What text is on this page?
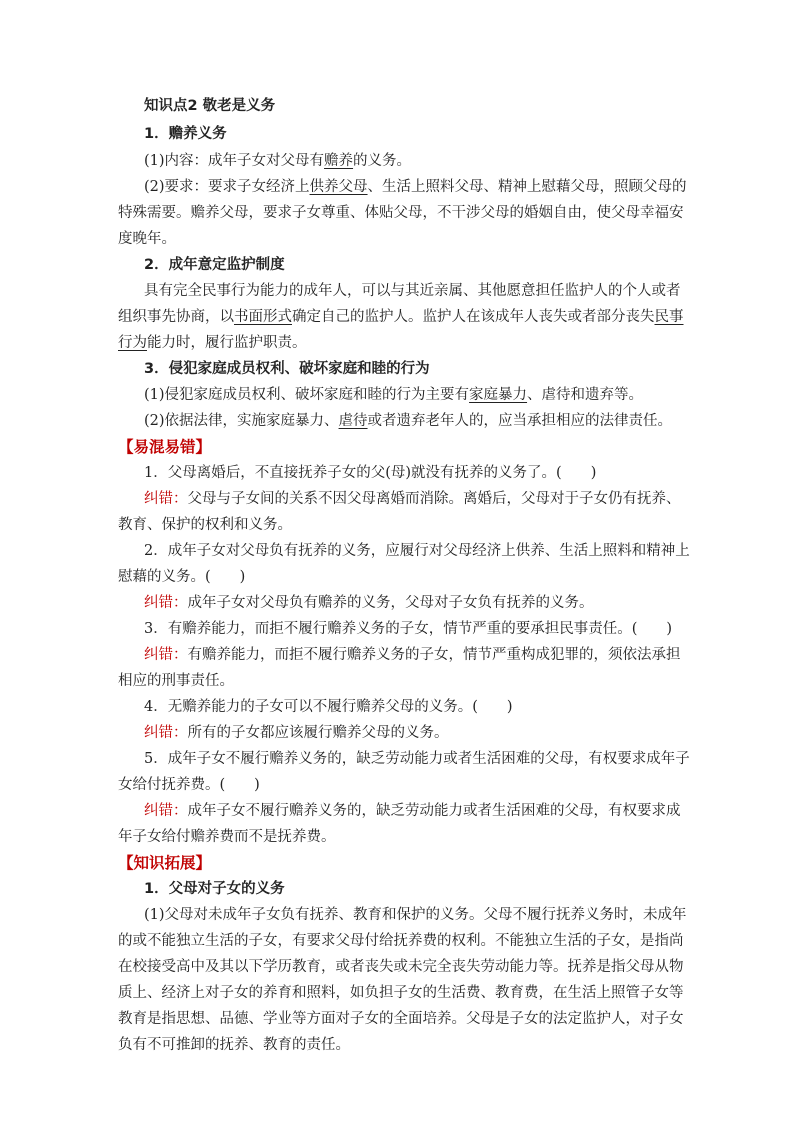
知识点2 敬老是义务
1．赡养义务
(1)内容：成年子女对父母有赡养的义务。
(2)要求：要求子女经济上供养父母、生活上照料父母、精神上慰藉父母，照顾父母的
特殊需要。赡养父母，要求子女尊重、体贴父母，不干涉父母的婚姻自由，使父母幸福安
度晚年。
2．成年意定监护制度
具有完全民事行为能力的成年人，可以与其近亲属、其他愿意担任监护人的个人或者
组织事先协商，以书面形式确定自己的监护人。监护人在该成年人丧失或者部分丧失民事
行为能力时，履行监护职责。
3．侵犯家庭成员权利、破坏家庭和睦的行为
(1)侵犯家庭成员权利、破坏家庭和睦的行为主要有家庭暴力、虐待和遗弃等。
(2)依据法律，实施家庭暴力、虐待或者遗弃老年人的，应当承担相应的法律责任。
【易混易错】
1．父母离婚后，不直接抚养子女的父(母)就没有抚养的义务了。(　　)
纠错：父母与子女间的关系不因父母离婚而消除。离婚后，父母对于子女仍有抚养、
教育、保护的权利和义务。
2．成年子女对父母负有抚养的义务，应履行对父母经济上供养、生活上照料和精神上
慰藉的义务。(　　)
纠错：成年子女对父母负有赡养的义务，父母对子女负有抚养的义务。
3．有赡养能力，而拒不履行赡养义务的子女，情节严重的要承担民事责任。(　　)
纠错：有赡养能力，而拒不履行赡养义务的子女，情节严重构成犯罪的，须依法承担
相应的刑事责任。
4．无赡养能力的子女可以不履行赡养父母的义务。(　　)
纠错：所有的子女都应该履行赡养父母的义务。
5．成年子女不履行赡养义务的，缺乏劳动能力或者生活困难的父母，有权要求成年子
女给付抚养费。(　　)
纠错：成年子女不履行赡养义务的，缺乏劳动能力或者生活困难的父母，有权要求成
年子女给付赡养费而不是抚养费。
【知识拓展】
1．父母对子女的义务
(1)父母对未成年子女负有抚养、教育和保护的义务。父母不履行抚养义务时，未成年
的或不能独立生活的子女，有要求父母付给抚养费的权利。不能独立生活的子女，是指尚
在校接受高中及其以下学历教育，或者丧失或未完全丧失劳动能力等。抚养是指父母从物
质上、经济上对子女的养育和照料，如负担子女的生活费、教育费，在生活上照管子女等
教育是指思想、品德、学业等方面对子女的全面培养。父母是子女的法定监护人，对子女
负有不可推卸的抚养、教育的责任。
